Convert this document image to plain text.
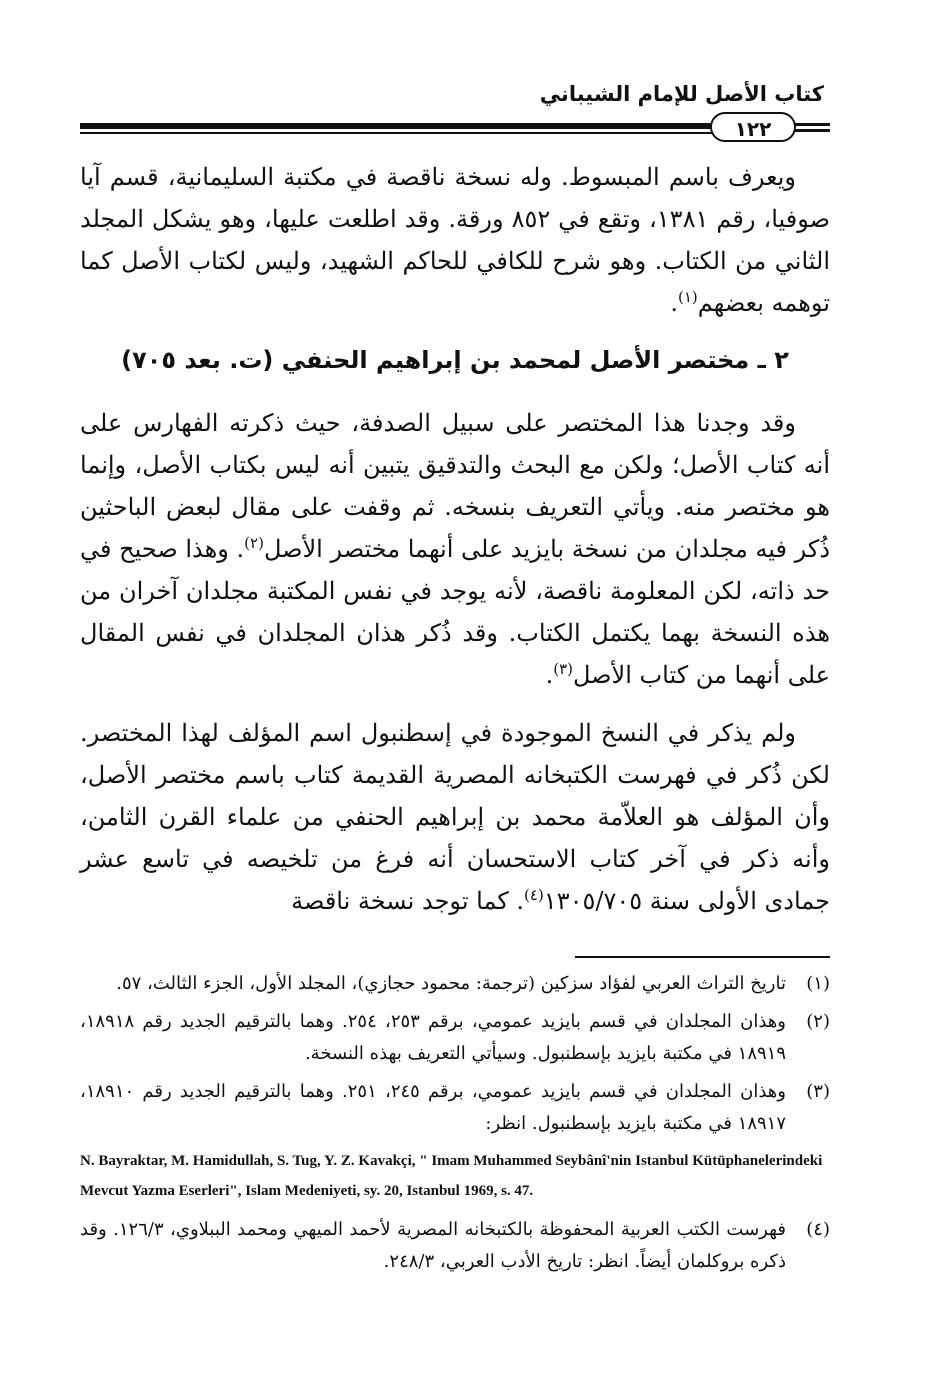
كتاب الأصل للإمام الشيباني
١٢٢

ويعرف باسم المبسوط. وله نسخة ناقصة في مكتبة السليمانية، قسم آيا صوفيا، رقم ١٣٨١، وتقع في ٨٥٢ ورقة. وقد اطلعت عليها، وهو يشكل المجلد الثاني من الكتاب. وهو شرح للكافي للحاكم الشهيد، وليس لكتاب الأصل كما توهمه بعضهم$^{(١)}$.

٢ ـ مختصر الأصل لمحمد بن إبراهيم الحنفي (ت. بعد ٧٠٥)

وقد وجدنا هذا المختصر على سبيل الصدفة، حيث ذكرته الفهارس على أنه كتاب الأصل؛ ولكن مع البحث والتدقيق يتبين أنه ليس بكتاب الأصل، وإنما هو مختصر منه. ويأتي التعريف بنسخه. ثم وقفت على مقال لبعض الباحثين ذُكر فيه مجلدان من نسخة بايزيد على أنهما مختصر الأصل$^{(٢)}$. وهذا صحيح في حد ذاته، لكن المعلومة ناقصة، لأنه يوجد في نفس المكتبة مجلدان آخران من هذه النسخة بهما يكتمل الكتاب. وقد ذُكر هذان المجلدان في نفس المقال على أنهما من كتاب الأصل$^{(٣)}$.

ولم يذكر في النسخ الموجودة في إسطنبول اسم المؤلف لهذا المختصر. لكن ذُكر في فهرست الكتبخانه المصرية القديمة كتاب باسم مختصر الأصل، وأن المؤلف هو العلاّمة محمد بن إبراهيم الحنفي من علماء القرن الثامن، وأنه ذكر في آخر كتاب الاستحسان أنه فرغ من تلخيصه في تاسع عشر جمادى الأولى سنة ١٣٠٥/٧٠٥$^{(٤)}$. كما توجد نسخة ناقصة

(١)
تاريخ التراث العربي لفؤاد سزكين (ترجمة: محمود حجازي)، المجلد الأول، الجزء الثالث، ٥٧.
(٢)
وهذان المجلدان في قسم بايزيد عمومي، برقم ٢٥٣، ٢٥٤. وهما بالترقيم الجديد رقم ١٨٩١٨، ١٨٩١٩ في مكتبة بايزيد بإسطنبول. وسيأتي التعريف بهذه النسخة.
(٣)
وهذان المجلدان في قسم بايزيد عمومي، برقم ٢٤٥، ٢٥١. وهما بالترقيم الجديد رقم ١٨٩١٠، ١٨٩١٧ في مكتبة بايزيد بإسطنبول. انظر:
N. Bayraktar, M. Hamidullah, S. Tug, Y. Z. Kavakçi, " Imam Muhammed Seybânî'nin Istanbul Kütüphanelerindeki Mevcut Yazma Eserleri", Islam Medeniyeti, sy. 20, Istanbul 1969, s. 47.
(٤)
فهرست الكتب العربية المحفوظة بالكتبخانه المصرية لأحمد الميهي ومحمد الببلاوي، ١٢٦/٣. وقد ذكره بروكلمان أيضاً. انظر: تاريخ الأدب العربي، ٢٤٨/٣.
